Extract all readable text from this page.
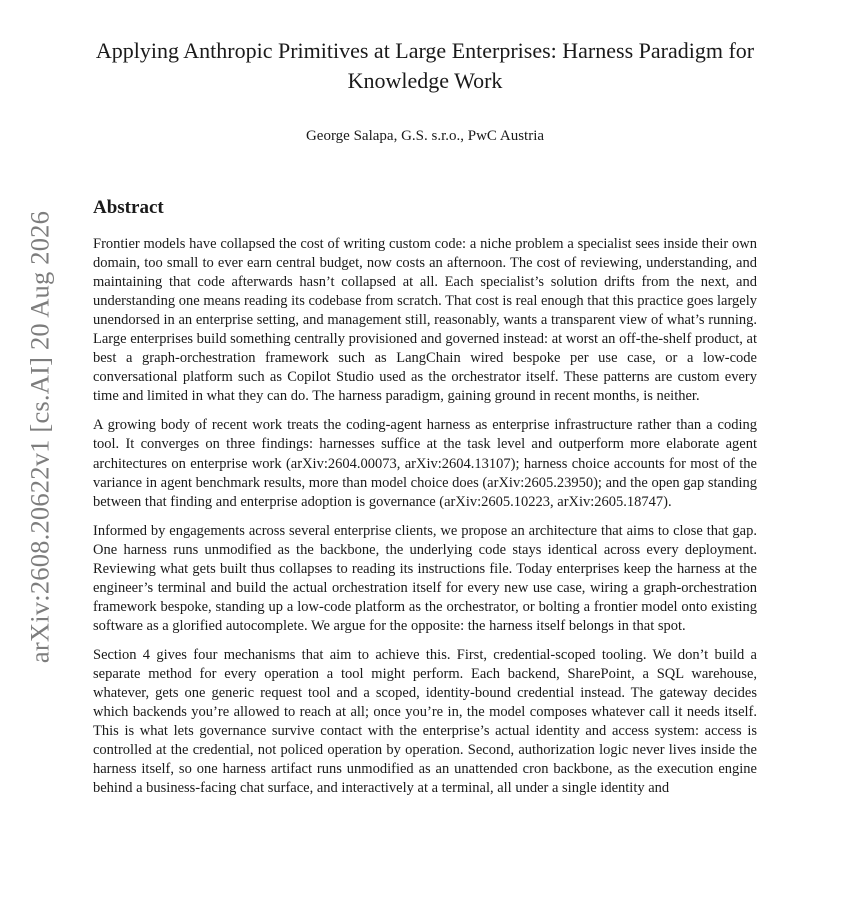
arXiv:2608.20622v1 [cs.AI] 20 Aug 2026
Applying Anthropic Primitives at Large Enterprises: Harness Paradigm for Knowledge Work
George Salapa, G.S. s.r.o., PwC Austria
Abstract

Frontier models have collapsed the cost of writing custom code: a niche problem a specialist sees inside their own domain, too small to ever earn central budget, now costs an afternoon. The cost of reviewing, understanding, and maintaining that code afterwards hasn’t collapsed at all. Each specialist’s solution drifts from the next, and understanding one means reading its codebase from scratch. That cost is real enough that this practice goes largely unendorsed in an enterprise setting, and management still, reasonably, wants a transparent view of what’s running. Large enterprises build something centrally provisioned and governed instead: at worst an off-the-shelf product, at best a graph-orchestration framework such as LangChain wired bespoke per use case, or a low-code conversational platform such as Copilot Studio used as the orchestrator itself. These patterns are custom every time and limited in what they can do. The harness paradigm, gaining ground in recent months, is neither.

A growing body of recent work treats the coding-agent harness as enterprise infrastructure rather than a coding tool. It converges on three findings: harnesses suffice at the task level and outperform more elaborate agent architectures on enterprise work (arXiv:2604.00073, arXiv:2604.13107); harness choice accounts for most of the variance in agent benchmark results, more than model choice does (arXiv:2605.23950); and the open gap standing between that finding and enterprise adoption is governance (arXiv:2605.10223, arXiv:2605.18747).

Informed by engagements across several enterprise clients, we propose an architecture that aims to close that gap. One harness runs unmodified as the backbone, the underlying code stays identical across every deployment. Reviewing what gets built thus collapses to reading its instructions file. Today enterprises keep the harness at the engineer’s terminal and build the actual orchestration itself for every new use case, wiring a graph-orchestration framework bespoke, standing up a low-code platform as the orchestrator, or bolting a frontier model onto existing software as a glorified autocomplete. We argue for the opposite: the harness itself belongs in that spot.

Section 4 gives four mechanisms that aim to achieve this. First, credential-scoped tooling. We don’t build a separate method for every operation a tool might perform. Each backend, SharePoint, a SQL warehouse, whatever, gets one generic request tool and a scoped, identity-bound credential instead. The gateway decides which backends you’re allowed to reach at all; once you’re in, the model composes whatever call it needs itself. This is what lets governance survive contact with the enterprise’s actual identity and access system: access is controlled at the credential, not policed operation by operation. Second, authorization logic never lives inside the harness itself, so one harness artifact runs unmodified as an unattended cron backbone, as the execution engine behind a business-facing chat surface, and interactively at a terminal, all under a single identity and
